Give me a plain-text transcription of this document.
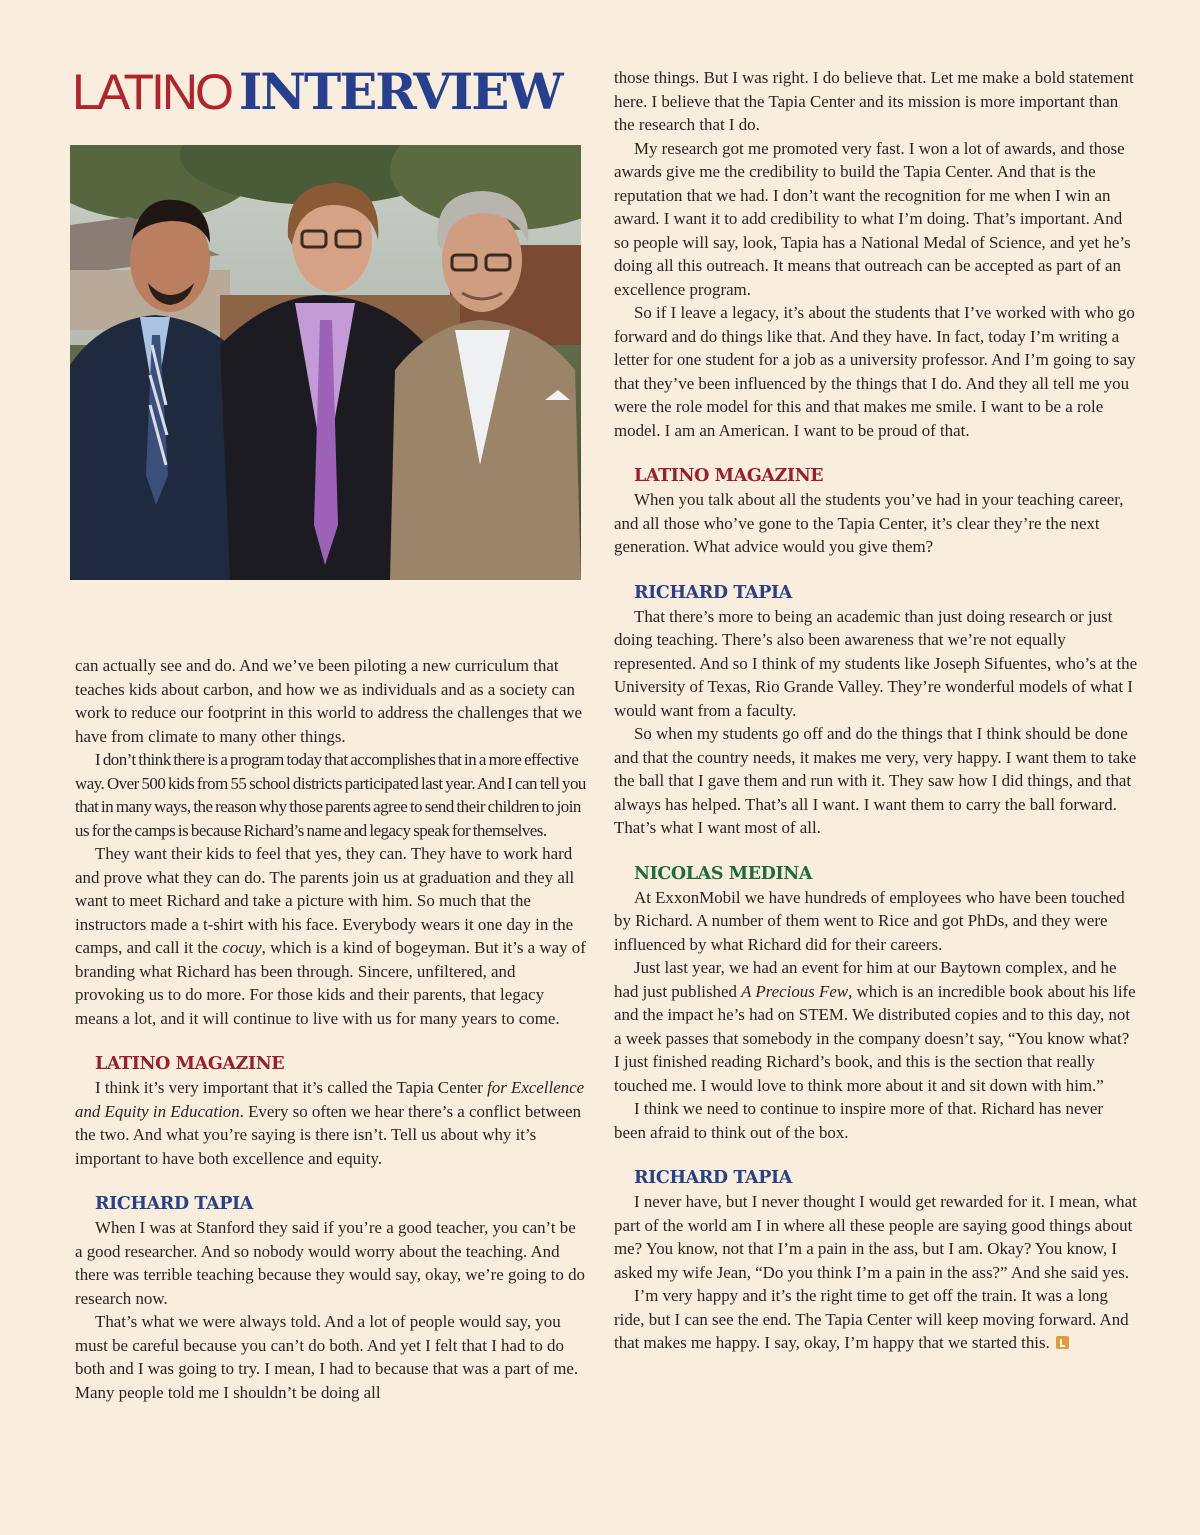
LATINO INTERVIEW

can actually see and do. And we’ve been piloting a new curriculum that teaches kids about carbon, and how we as individuals and as a society can work to reduce our footprint in this world to address the challenges that we have from climate to many other things.

I don’t think there is a program today that accomplishes that in a more effective way. Over 500 kids from 55 school districts participated last year. And I can tell you that in many ways, the reason why those parents agree to send their children to join us for the camps is because Richard’s name and legacy speak for themselves.

They want their kids to feel that yes, they can. They have to work hard and prove what they can do. The parents join us at graduation and they all want to meet Richard and take a picture with him. So much that the instructors made a t-shirt with his face. Everybody wears it one day in the camps, and call it the cocuy, which is a kind of bogeyman. But it’s a way of branding what Richard has been through. Sincere, unfiltered, and provoking us to do more. For those kids and their parents, that legacy means a lot, and it will continue to live with us for many years to come.

LATINO MAGAZINE

I think it’s very important that it’s called the Tapia Center for Excellence and Equity in Education. Every so often we hear there’s a conflict between the two. And what you’re saying is there isn’t. Tell us about why it’s important to have both excellence and equity.

RICHARD TAPIA

When I was at Stanford they said if you’re a good teacher, you can’t be a good researcher. And so nobody would worry about the teaching. And there was terrible teaching because they would say, okay, we’re going to do research now.

That’s what we were always told. And a lot of people would say, you must be careful because you can’t do both. And yet I felt that I had to do both and I was going to try. I mean, I had to because that was a part of me. Many people told me I shouldn’t be doing all

those things. But I was right. I do believe that. Let me make a bold statement here. I believe that the Tapia Center and its mission is more important than the research that I do.

My research got me promoted very fast. I won a lot of awards, and those awards give me the credibility to build the Tapia Center. And that is the reputation that we had. I don’t want the recognition for me when I win an award. I want it to add credibility to what I’m doing. That’s important. And so people will say, look, Tapia has a National Medal of Science, and yet he’s doing all this outreach. It means that outreach can be accepted as part of an excellence program.

So if I leave a legacy, it’s about the students that I’ve worked with who go forward and do things like that. And they have. In fact, today I’m writing a letter for one student for a job as a university professor. And I’m going to say that they’ve been influenced by the things that I do. And they all tell me you were the role model for this and that makes me smile. I want to be a role model. I am an American. I want to be proud of that.

LATINO MAGAZINE

When you talk about all the students you’ve had in your teaching career, and all those who’ve gone to the Tapia Center, it’s clear they’re the next generation. What advice would you give them?

RICHARD TAPIA

That there’s more to being an academic than just doing research or just doing teaching. There’s also been awareness that we’re not equally represented. And so I think of my students like Joseph Sifuentes, who’s at the University of Texas, Rio Grande Valley. They’re wonderful models of what I would want from a faculty.

So when my students go off and do the things that I think should be done and that the country needs, it makes me very, very happy. I want them to take the ball that I gave them and run with it. They saw how I did things, and that always has helped. That’s all I want. I want them to carry the ball forward. That’s what I want most of all.

NICOLAS MEDINA

At ExxonMobil we have hundreds of employees who have been touched by Richard. A number of them went to Rice and got PhDs, and they were influenced by what Richard did for their careers.

Just last year, we had an event for him at our Baytown complex, and he had just published A Precious Few, which is an incredible book about his life and the impact he’s had on STEM. We distributed copies and to this day, not a week passes that somebody in the company doesn’t say, “You know what? I just finished reading Richard’s book, and this is the section that really touched me. I would love to think more about it and sit down with him.”

I think we need to continue to inspire more of that. Richard has never been afraid to think out of the box.

RICHARD TAPIA

I never have, but I never thought I would get rewarded for it. I mean, what part of the world am I in where all these people are saying good things about me? You know, not that I’m a pain in the ass, but I am. Okay? You know, I asked my wife Jean, “Do you think I’m a pain in the ass?” And she said yes.

I’m very happy and it’s the right time to get off the train. It was a long ride, but I can see the end. The Tapia Center will keep moving forward. And that makes me happy. I say, okay, I’m happy that we started this.
